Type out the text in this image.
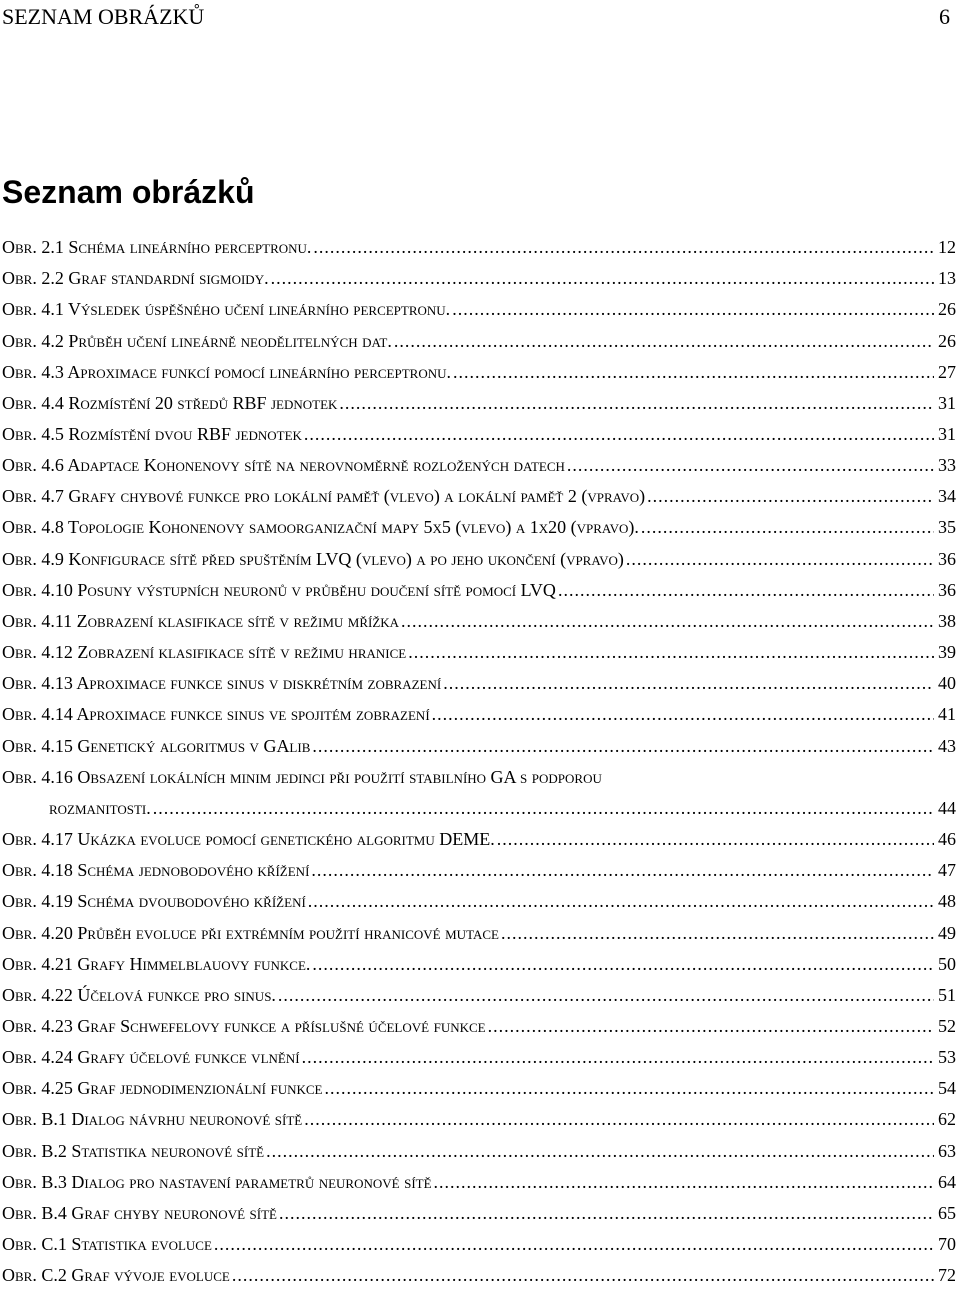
SEZNAM OBRÁZKŮ	6
Seznam obrázků
Obr. 2.1 Schéma lineárního perceptronu. .....	12
Obr. 2.2 Graf standardní sigmoidy. .....	13
Obr. 4.1 Výsledek úspěšného učení lineárního perceptronu. .....	26
Obr. 4.2 Průběh učení lineárně neodělitelných dat. .....	26
Obr. 4.3 Aproximace funkcí pomocí lineárního perceptronu. .....	27
Obr. 4.4 Rozmístění 20 středů RBF jednotek .....	31
Obr. 4.5 Rozmístění dvou RBF jednotek .....	31
Obr. 4.6 Adaptace Kohonenovy sítě na nerovnoměrně rozložených datech .....	33
Obr. 4.7 Grafy chybové funkce pro lokální paměť (vlevo) a lokální paměť 2 (vpravo) .....	34
Obr. 4.8 Topologie Kohonenovy samoorganizační mapy 5x5 (vlevo) a 1x20 (vpravo). .....	35
Obr. 4.9 Konfigurace sítě před spuštěním LVQ (vlevo) a po jeho ukončení (vpravo) .....	36
Obr. 4.10 Posuny výstupních neuronů v průběhu doučení sítě pomocí LVQ .....	36
Obr. 4.11 Zobrazení klasifikace sítě v režimu mřížka .....	38
Obr. 4.12 Zobrazení klasifikace sítě v režimu hranice .....	39
Obr. 4.13 Aproximace funkce sinus v diskrétním zobrazení .....	40
Obr. 4.14 Aproximace funkce sinus ve spojitém zobrazení .....	41
Obr. 4.15 Genetický algoritmus v GAlib .....	43
Obr. 4.16 Obsazení lokálních minim jedinci při použití stabilního GA s podporou
rozmanitosti. .....	44
Obr. 4.17 Ukázka evoluce pomocí genetického algoritmu DEME. .....	46
Obr. 4.18 Schéma jednobodového křížení .....	47
Obr. 4.19 Schéma dvoubodového křížení .....	48
Obr. 4.20 Průběh evoluce při extrémním použití hranicové mutace .....	49
Obr. 4.21 Grafy Himmelblauovy funkce. .....	50
Obr. 4.22 Účelová funkce pro sinus. .....	51
Obr. 4.23 Graf Schwefelovy funkce a příslušné účelové funkce .....	52
Obr. 4.24 Grafy účelové funkce vlnění .....	53
Obr. 4.25 Graf jednodimenzionální funkce .....	54
Obr. B.1 Dialog návrhu neuronové sítě .....	62
Obr. B.2 Statistika neuronové sítě .....	63
Obr. B.3 Dialog pro nastavení parametrů neuronové sítě .....	64
Obr. B.4 Graf chyby neuronové sítě .....	65
Obr. C.1 Statistika evoluce .....	70
Obr. C.2 Graf vývoje evoluce .....	72
